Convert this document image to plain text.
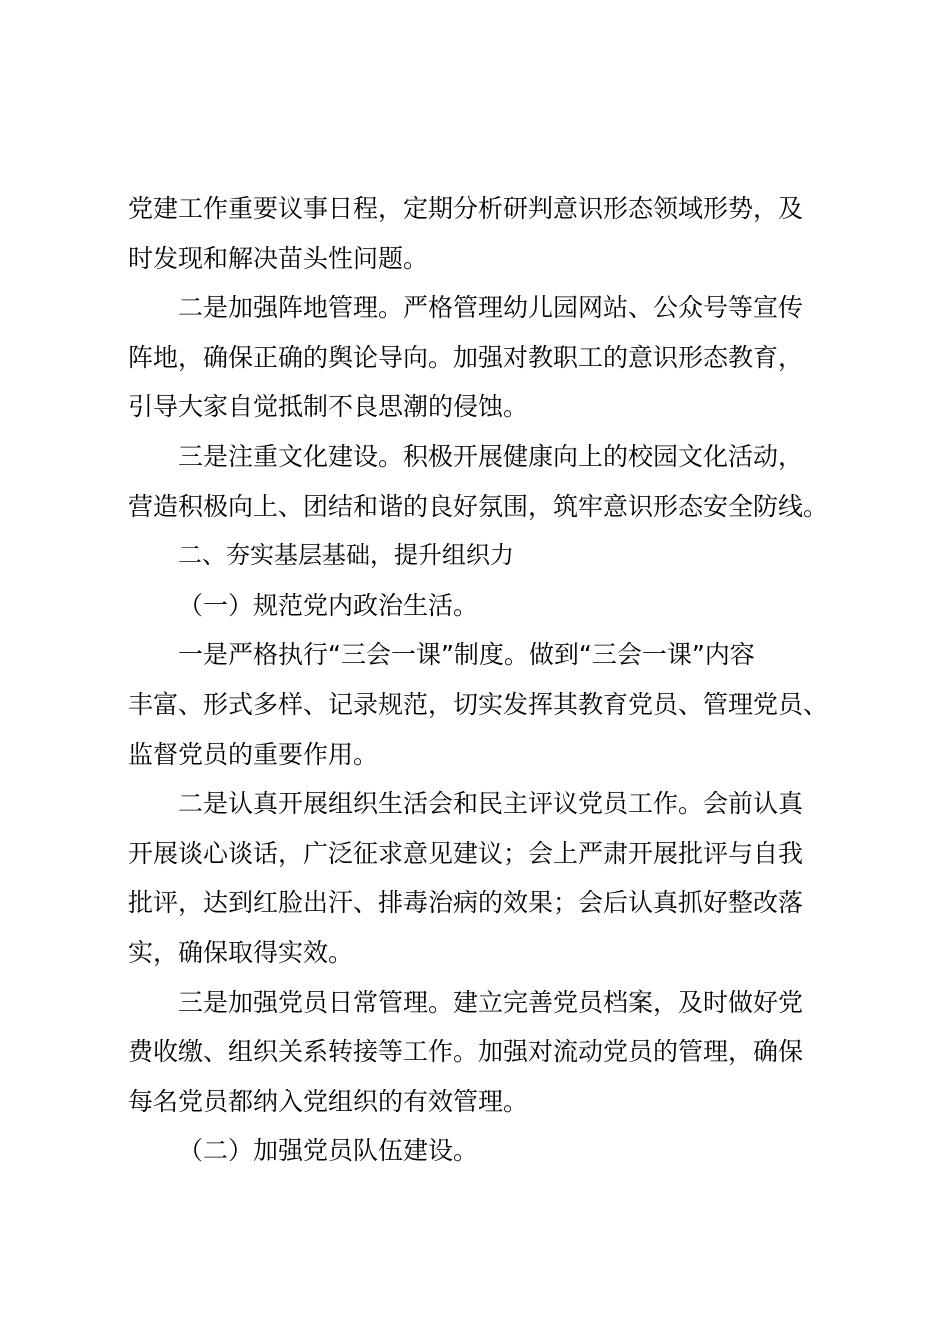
党建工作重要议事日程，定期分析研判意识形态领域形势，及
时发现和解决苗头性问题。
二是加强阵地管理。严格管理幼儿园网站、公众号等宣传
阵地，确保正确的舆论导向。加强对教职工的意识形态教育，
引导大家自觉抵制不良思潮的侵蚀。
三是注重文化建设。积极开展健康向上的校园文化活动，
营造积极向上、团结和谐的良好氛围，筑牢意识形态安全防线。
二、夯实基层基础，提升组织力
（一）规范党内政治生活。
一是严格执行“三会一课”制度。做到“三会一课”内容
丰富、形式多样、记录规范，切实发挥其教育党员、管理党员、
监督党员的重要作用。
二是认真开展组织生活会和民主评议党员工作。会前认真
开展谈心谈话，广泛征求意见建议；会上严肃开展批评与自我
批评，达到红脸出汗、排毒治病的效果；会后认真抓好整改落
实，确保取得实效。
三是加强党员日常管理。建立完善党员档案，及时做好党
费收缴、组织关系转接等工作。加强对流动党员的管理，确保
每名党员都纳入党组织的有效管理。
（二）加强党员队伍建设。
